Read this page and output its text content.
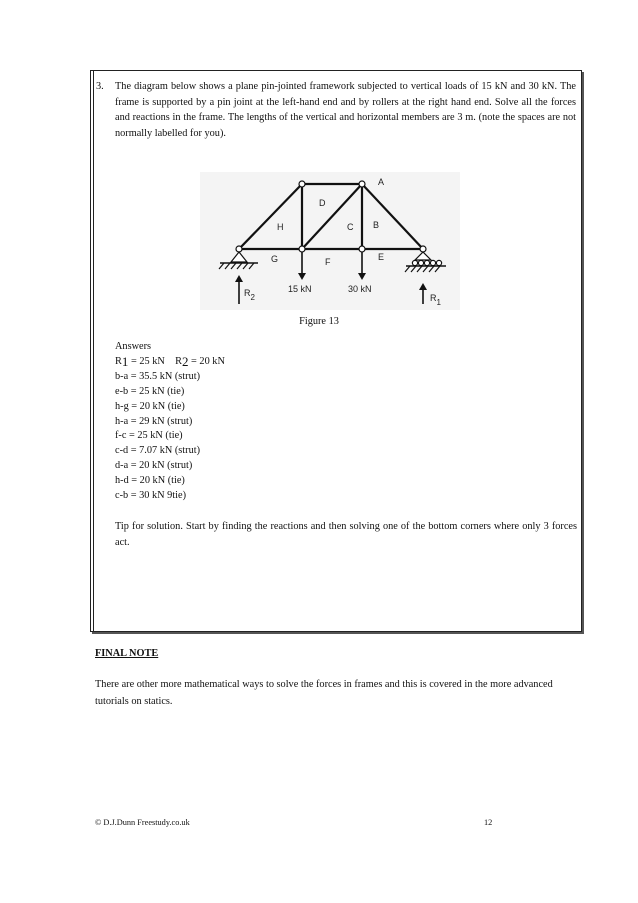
3. The diagram below shows a plane pin-jointed framework subjected to vertical loads of 15 kN and 30 kN. The frame is supported by a pin joint at the left-hand end and by rollers at the right hand end. Solve all the forces and reactions in the frame. The lengths of the vertical and horizontal members are 3 m. (note the spaces are not normally labelled for you).
A
B
C
D
E
F
G
H
15 kN	30 kN
R2	R1
Figure 13
Answers
$R_1 = 25$ kN $R_2 = 20$ kN
b-a = 35.5 kN (strut)
e-b = 25 kN (tie)
h-g = 20 kN (tie)
h-a = 29 kN (strut)
f-c = 25 kN (tie)
c-d = 7.07 kN (strut)
d-a = 20 kN (strut)
h-d = 20 kN (tie)
c-b = 30 kN 9tie)
Tip for solution. Start by finding the reactions and then solving one of the bottom corners where only 3 forces act.
FINAL NOTE
There are other more mathematical ways to solve the forces in frames and this is covered in the more advanced tutorials on statics.
© D.J.Dunn Freestudy.co.uk	12
